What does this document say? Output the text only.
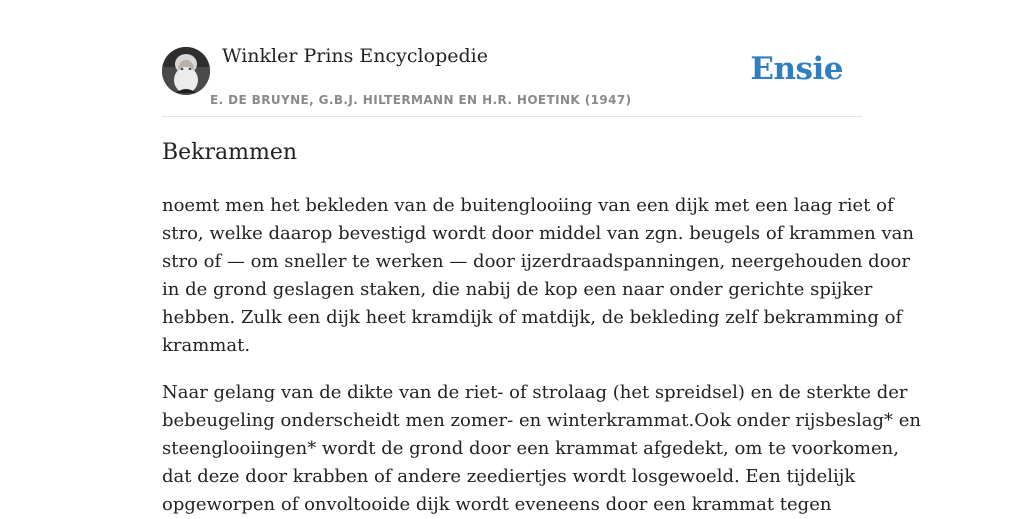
Winkler Prins Encyclopedie
E. DE BRUYNE, G.B.J. HILTERMANN EN H.R. HOETINK (1947)
Ensie
Bekrammen

noemt men het bekleden van de buitenglooiing van een dijk met een laag riet of
stro, welke daarop bevestigd wordt door middel van zgn. beugels of krammen van
stro of — om sneller te werken — door ijzerdraadspanningen, neergehouden door
in de grond geslagen staken, die nabij de kop een naar onder gerichte spijker
hebben. Zulk een dijk heet kramdijk of matdijk, de bekleding zelf bekramming of
krammat.

Naar gelang van de dikte van de riet- of strolaag (het spreidsel) en de sterkte der
bebeugeling onderscheidt men zomer- en winterkrammat.Ook onder rijsbeslag* en
steenglooiingen* wordt de grond door een krammat afgedekt, om te voorkomen,
dat deze door krabben of andere zeediertjes wordt losgewoeld. Een tijdelijk
opgeworpen of onvoltooide dijk wordt eveneens door een krammat tegen
